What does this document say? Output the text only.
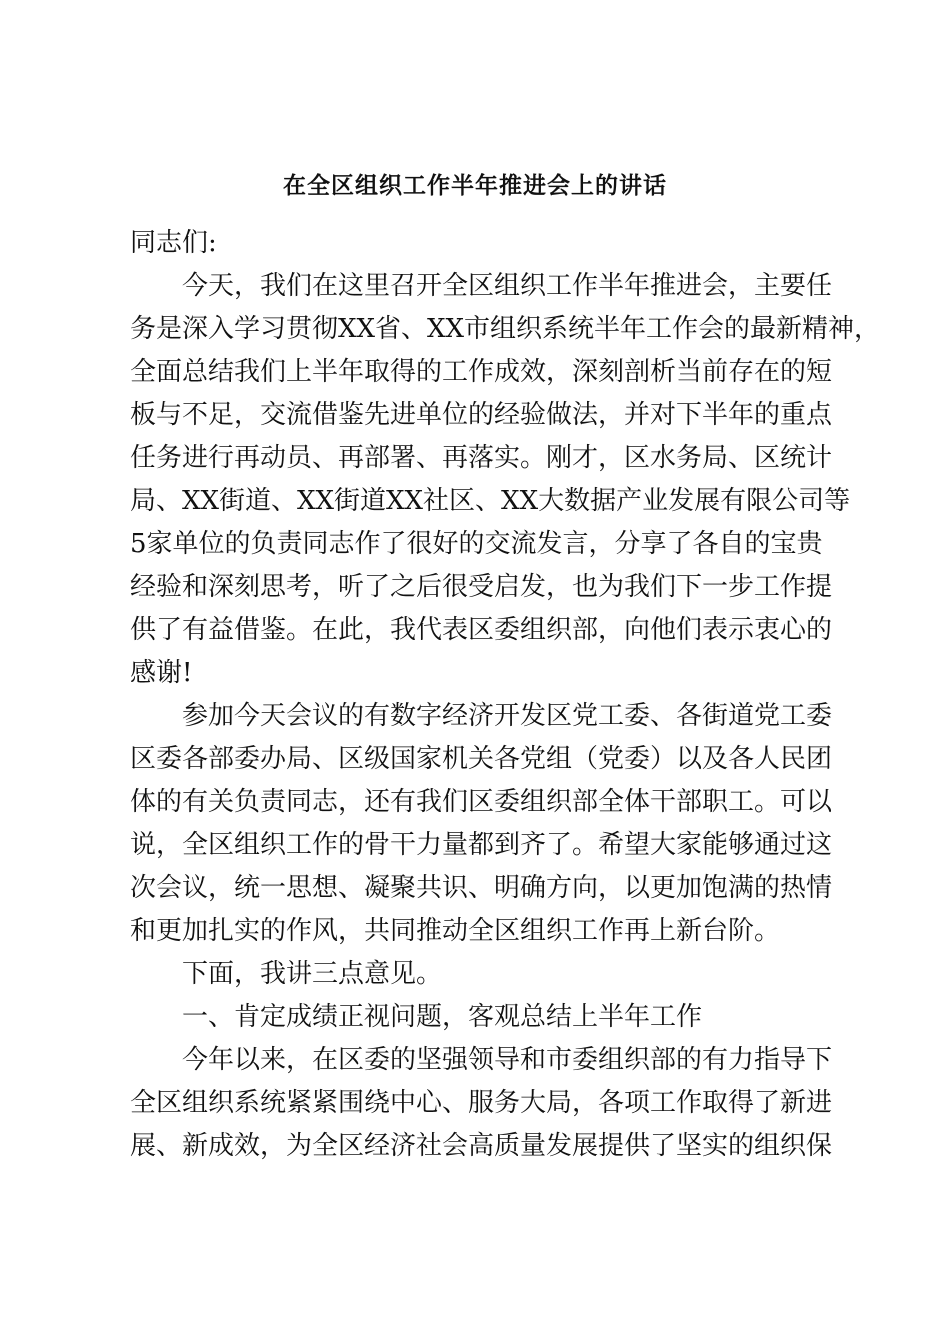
在全区组织工作半年推进会上的讲话
同志们:
今天，我们在这里召开全区组织工作半年推进会，主要任
务是深入学习贯彻XX省、XX市组织系统半年工作会的最新精神，
全面总结我们上半年取得的工作成效，深刻剖析当前存在的短
板与不足，交流借鉴先进单位的经验做法，并对下半年的重点
任务进行再动员、再部署、再落实。刚才，区水务局、区统计
局、XX街道、XX街道XX社区、XX大数据产业发展有限公司等
5家单位的负责同志作了很好的交流发言，分享了各自的宝贵
经验和深刻思考，听了之后很受启发，也为我们下一步工作提
供了有益借鉴。在此，我代表区委组织部，向他们表示衷心的
感谢!
参加今天会议的有数字经济开发区党工委、各街道党工委
区委各部委办局、区级国家机关各党组（党委）以及各人民团
体的有关负责同志，还有我们区委组织部全体干部职工。可以
说，全区组织工作的骨干力量都到齐了。希望大家能够通过这
次会议，统一思想、凝聚共识、明确方向，以更加饱满的热情
和更加扎实的作风，共同推动全区组织工作再上新台阶。
下面，我讲三点意见。
一、肯定成绩正视问题，客观总结上半年工作
今年以来，在区委的坚强领导和市委组织部的有力指导下
全区组织系统紧紧围绕中心、服务大局，各项工作取得了新进
展、新成效，为全区经济社会高质量发展提供了坚实的组织保
